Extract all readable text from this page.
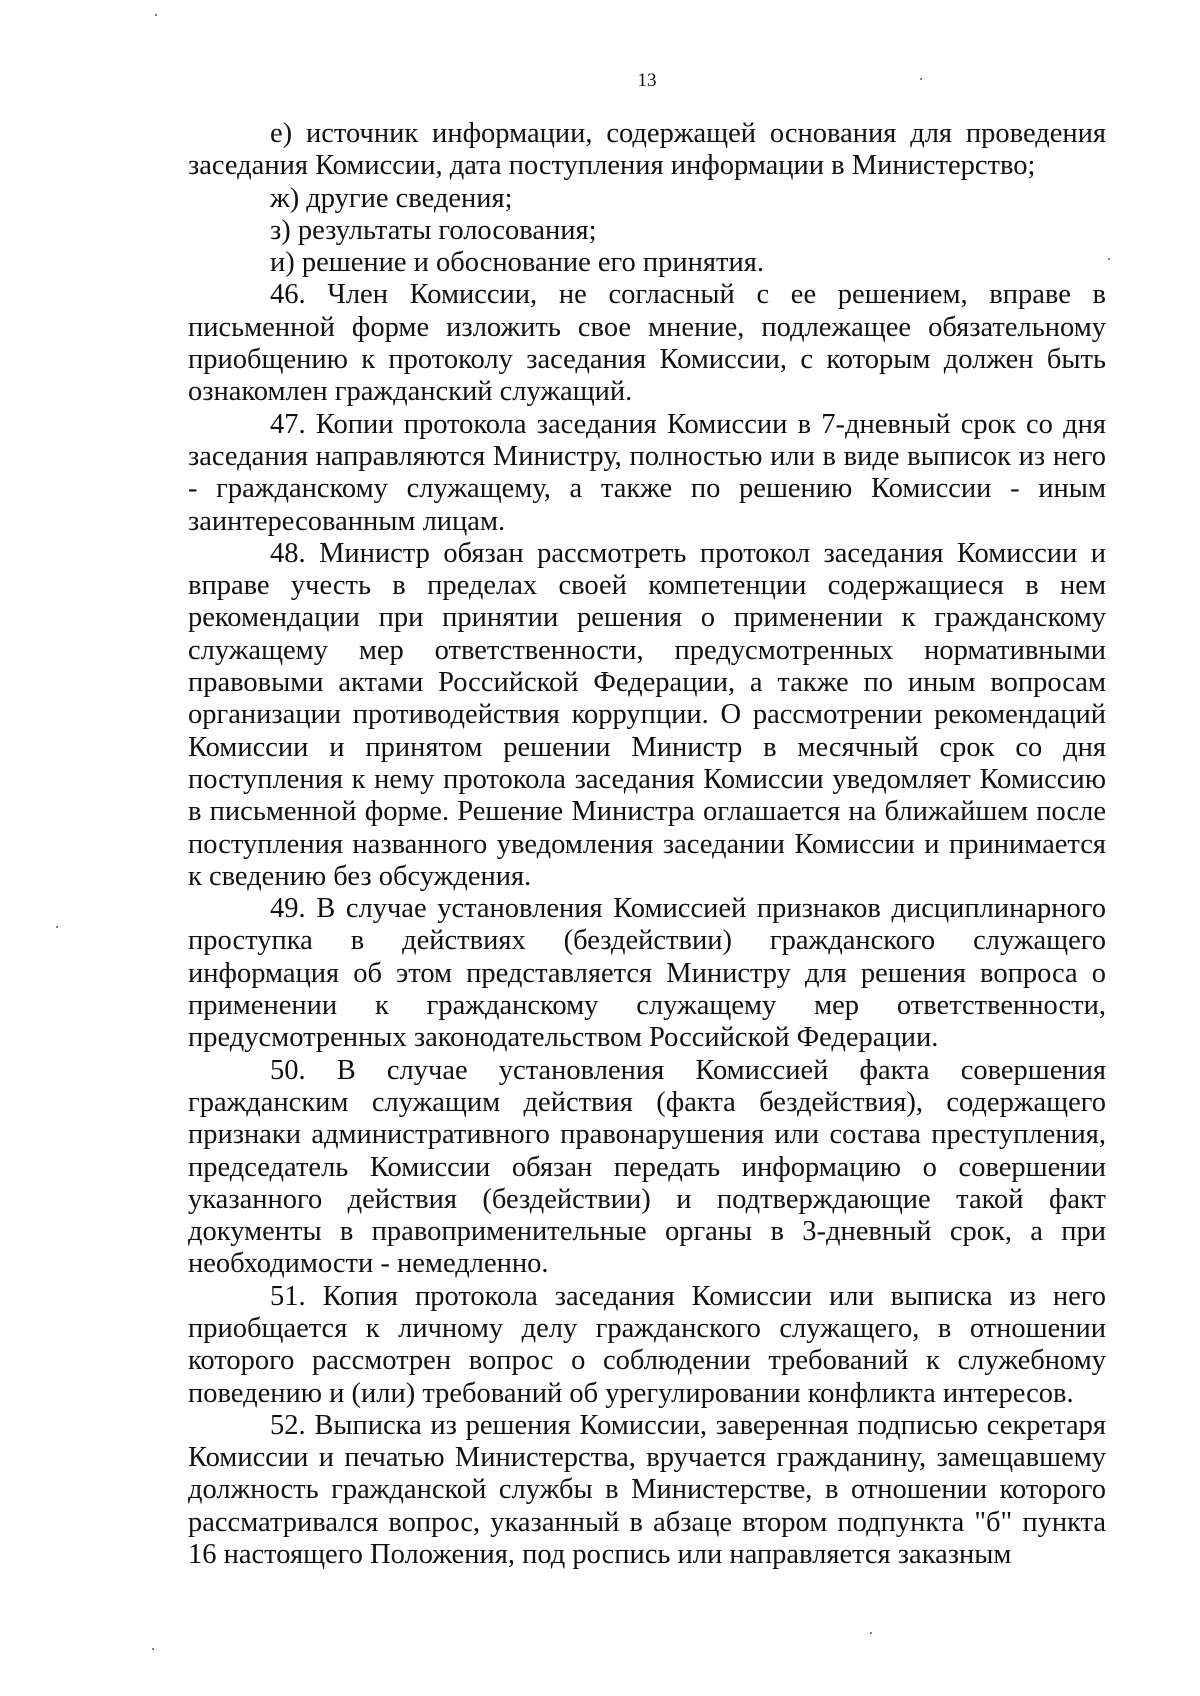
13

е) источник информации, содержащей основания для проведения заседания Комиссии, дата поступления информации в Министерство;

ж) другие сведения;

з) результаты голосования;

и) решение и обоснование его принятия.

46. Член Комиссии, не согласный с ее решением, вправе в письменной форме изложить свое мнение, подлежащее обязательному приобщению к протоколу заседания Комиссии, с которым должен быть ознакомлен гражданский служащий.

47. Копии протокола заседания Комиссии в 7-дневный срок со дня заседания направляются Министру, полностью или в виде выписок из него - гражданскому служащему, а также по решению Комиссии - иным заинтересованным лицам.

48. Министр обязан рассмотреть протокол заседания Комиссии и вправе учесть в пределах своей компетенции содержащиеся в нем рекомендации при принятии решения о применении к гражданскому служащему мер ответственности, предусмотренных нормативными правовыми актами Российской Федерации, а также по иным вопросам организации противодействия коррупции. О рассмотрении рекомендаций Комиссии и принятом решении Министр в месячный срок со дня поступления к нему протокола заседания Комиссии уведомляет Комиссию в письменной форме. Решение Министра оглашается на ближайшем после поступления названного уведомления заседании Комиссии и принимается к сведению без обсуждения.

49. В случае установления Комиссией признаков дисциплинарного проступка в действиях (бездействии) гражданского служащего информация об этом представляется Министру для решения вопроса о применении к гражданскому служащему мер ответственности, предусмотренных законодательством Российской Федерации.

50. В случае установления Комиссией факта совершения гражданским служащим действия (факта бездействия), содержащего признаки административного правонарушения или состава преступления, председатель Комиссии обязан передать информацию о совершении указанного действия (бездействии) и подтверждающие такой факт документы в правоприменительные органы в 3-дневный срок, а при необходимости - немедленно.

51. Копия протокола заседания Комиссии или выписка из него приобщается к личному делу гражданского служащего, в отношении которого рассмотрен вопрос о соблюдении требований к служебному поведению и (или) требований об урегулировании конфликта интересов.

52. Выписка из решения Комиссии, заверенная подписью секретаря Комиссии и печатью Министерства, вручается гражданину, замещавшему должность гражданской службы в Министерстве, в отношении которого рассматривался вопрос, указанный в абзаце втором подпункта "б" пункта 16 настоящего Положения, под роспись или направляется заказным
